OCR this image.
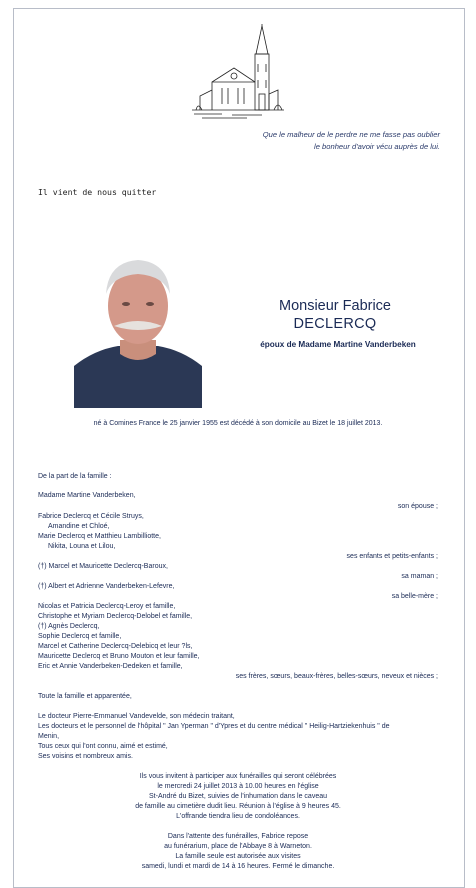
Que le malheur de le perdre ne me fasse pas oublier
le bonheur d'avoir vécu auprès de lui.
Il vient de nous quitter
Monsieur Fabrice
DECLERCQ
époux de Madame Martine Vanderbeken
né à Comines France le 25 janvier 1955 est décédé à son domicile au Bizet le 18 juillet 2013.
De la part de la famille :
Madame Martine Vanderbeken,
son épouse ;
Fabrice Declercq et Cécile Struys,
Amandine et Chloé,
Marie Declercq et Matthieu Lambilliotte,
Nikita, Louna et Lilou,
ses enfants et petits-enfants ;
(†) Marcel et Mauricette Declercq-Baroux,
sa maman ;
(†) Albert et Adrienne Vanderbeken-Lefevre,
sa belle-mère ;
Nicolas et Patricia Declercq-Leroy et famille,
Christophe et Myriam Declercq-Delobel et famille,
(†) Agnès Declercq,
Sophie Declercq et famille,
Marcel et Catherine Declercq-Delebicq et leur ?ls,
Mauricette Declercq et Bruno Mouton et leur famille,
Eric et Annie Vanderbeken-Dedeken et famille,
ses frères, sœurs, beaux-frères, belles-sœurs, neveux et nièces ;
Toute la famille et apparentée,
Le docteur Pierre-Emmanuel Vandevelde, son médecin traitant,
Les docteurs et le personnel de l'hôpital " Jan Yperman " d'Ypres et du centre médical " Heilig-Hartziekenhuis " de
Menin,
Tous ceux qui l'ont connu, aimé et estimé,
Ses voisins et nombreux amis.
Ils vous invitent à participer aux funérailles qui seront célébrées
le mercredi 24 juillet 2013 à 10.00 heures en l'église
St-André du Bizet, suivies de l'inhumation dans le caveau
de famille au cimetière dudit lieu. Réunion à l'église à 9 heures 45.
L'offrande tiendra lieu de condoléances.
Dans l'attente des funérailles, Fabrice repose
au funérarium, place de l'Abbaye 8 à Warneton.
La famille seule est autorisée aux visites
samedi, lundi et mardi de 14 à 16 heures. Fermé le dimanche.
